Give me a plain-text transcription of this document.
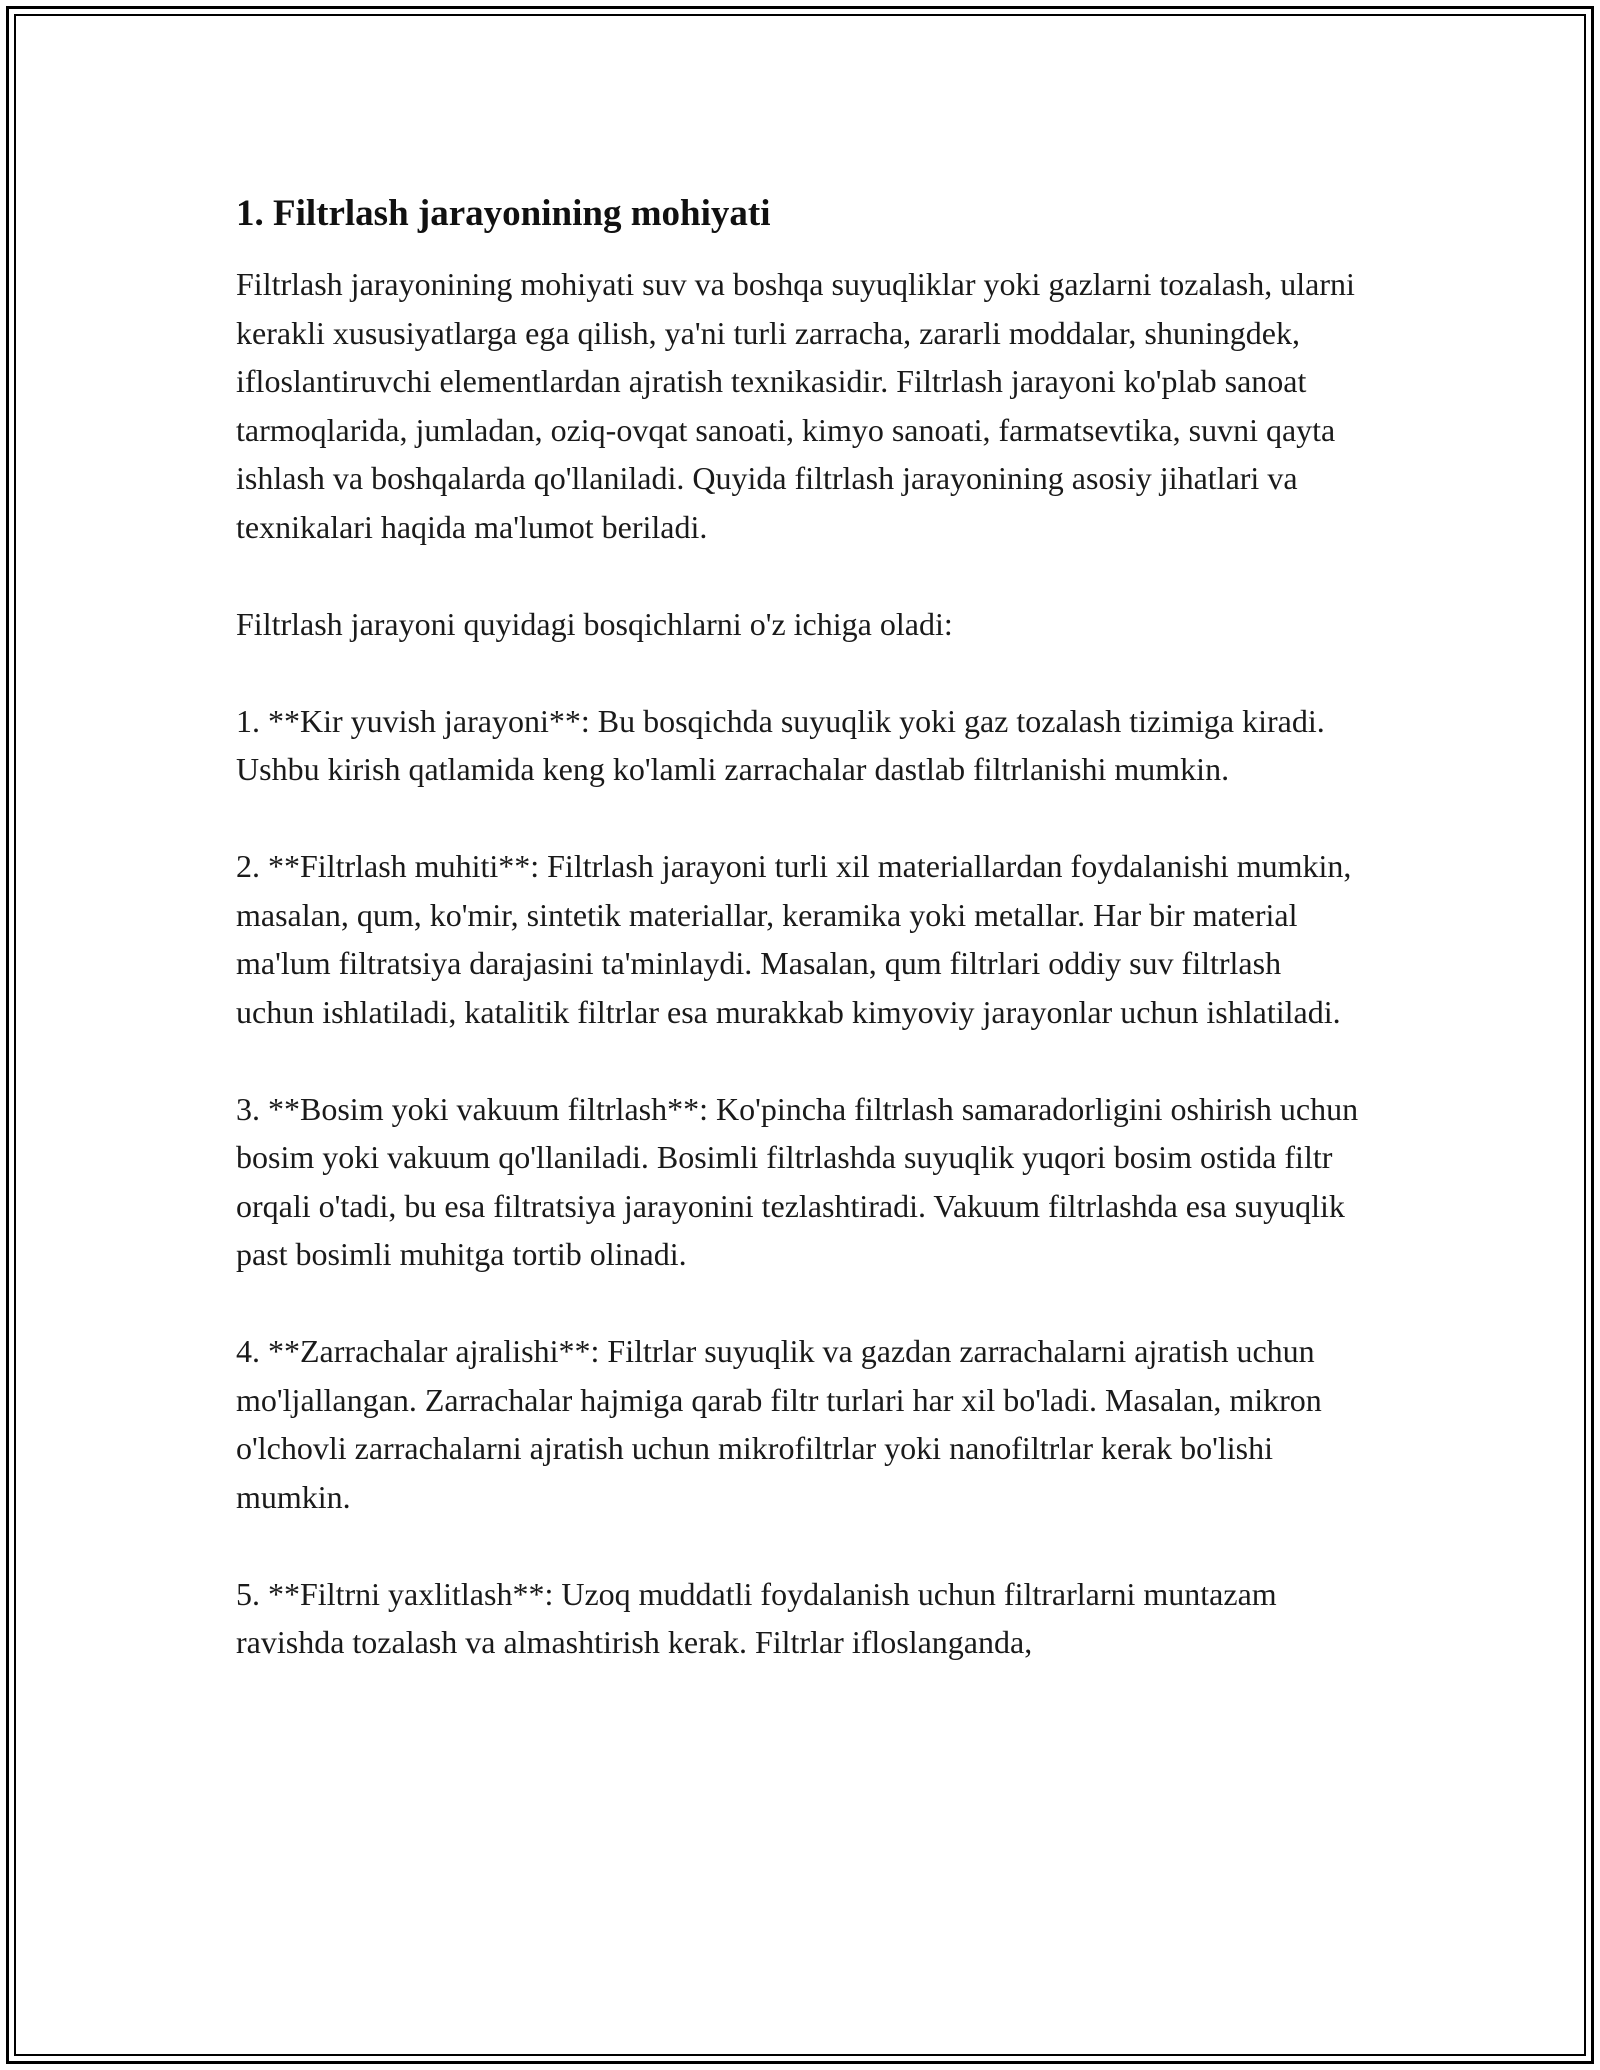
1. Filtrlash jarayonining mohiyati

Filtrlash jarayonining mohiyati suv va boshqa suyuqliklar yoki gazlarni tozalash, ularni kerakli xususiyatlarga ega qilish, ya'ni turli zarracha, zararli moddalar, shuningdek, ifloslantiruvchi elementlardan ajratish texnikasidir. Filtrlash jarayoni ko'plab sanoat tarmoqlarida, jumladan, oziq-ovqat sanoati, kimyo sanoati, farmatsevtika, suvni qayta ishlash va boshqalarda qo'llaniladi. Quyida filtrlash jarayonining asosiy jihatlari va texnikalari haqida ma'lumot beriladi.

Filtrlash jarayoni quyidagi bosqichlarni o'z ichiga oladi:

1. **Kir yuvish jarayoni**: Bu bosqichda suyuqlik yoki gaz tozalash tizimiga kiradi. Ushbu kirish qatlamida keng ko'lamli zarrachalar dastlab filtrlanishi mumkin.

2. **Filtrlash muhiti**: Filtrlash jarayoni turli xil materiallardan foydalanishi mumkin, masalan, qum, ko'mir, sintetik materiallar, keramika yoki metallar. Har bir material ma'lum filtratsiya darajasini ta'minlaydi. Masalan, qum filtrlari oddiy suv filtrlash uchun ishlatiladi, katalitik filtrlar esa murakkab kimyoviy jarayonlar uchun ishlatiladi.

3. **Bosim yoki vakuum filtrlash**: Ko'pincha filtrlash samaradorligini oshirish uchun bosim yoki vakuum qo'llaniladi. Bosimli filtrlashda suyuqlik yuqori bosim ostida filtr orqali o'tadi, bu esa filtratsiya jarayonini tezlashtiradi. Vakuum filtrlashda esa suyuqlik past bosimli muhitga tortib olinadi.

4. **Zarrachalar ajralishi**: Filtrlar suyuqlik va gazdan zarrachalarni ajratish uchun mo'ljallangan. Zarrachalar hajmiga qarab filtr turlari har xil bo'ladi. Masalan, mikron o'lchovli zarrachalarni ajratish uchun mikrofiltrlar yoki nanofiltrlar kerak bo'lishi mumkin.

5. **Filtrni yaxlitlash**: Uzoq muddatli foydalanish uchun filtrarlarni muntazam ravishda tozalash va almashtirish kerak. Filtrlar ifloslanganda,
